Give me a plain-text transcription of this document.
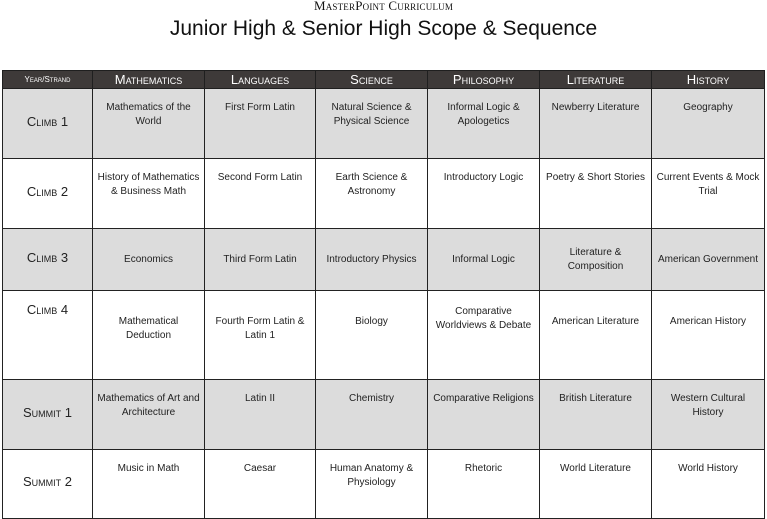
MasterPoint Curriculum
Junior High & Senior High Scope & Sequence
Year/Strand	Mathematics	Languages	Science	Philosophy	Literature	History
Climb 1	Mathematics of the World	First Form Latin	Natural Science & Physical Science	Informal Logic & Apologetics	Newberry Literature	Geography
Climb 2	History of Mathematics & Business Math	Second Form Latin	Earth Science & Astronomy	Introductory Logic	Poetry & Short Stories	Current Events & Mock Trial
Climb 3	Economics	Third Form Latin	Introductory Physics	Informal Logic	Literature & Composition	American Government
Climb 4	Mathematical Deduction	Fourth Form Latin & Latin 1	Biology	Comparative Worldviews & Debate	American Literature	American History
Summit 1	Mathematics of Art and Architecture	Latin II	Chemistry	Comparative Religions	British Literature	Western Cultural History
Summit 2	Music in Math	Caesar	Human Anatomy & Physiology	Rhetoric	World Literature	World History
